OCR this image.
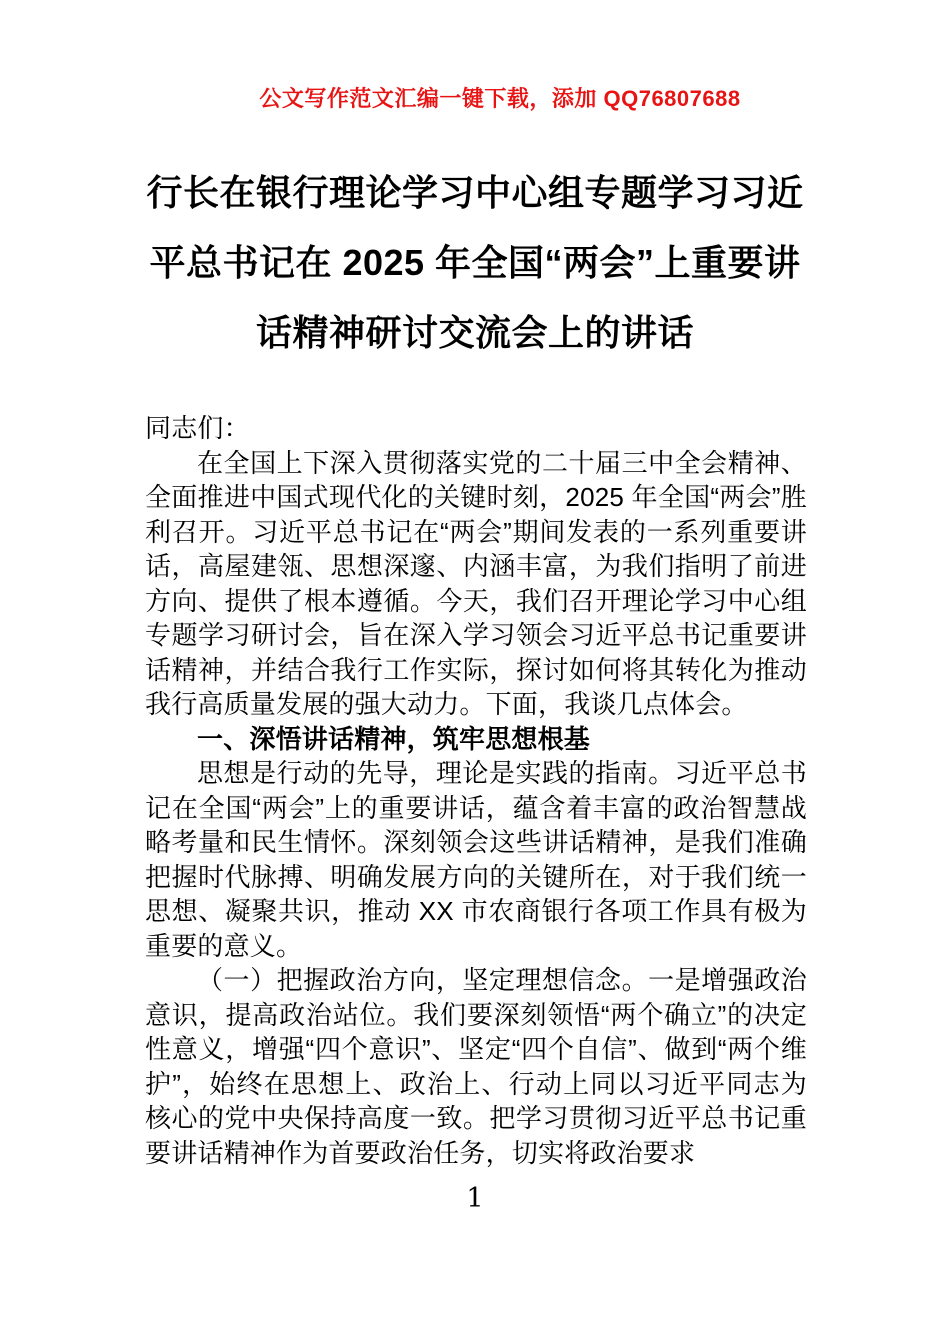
公文写作范文汇编一键下载，添加 QQ76807688
行长在银行理论学习中心组专题学习习近
平总书记在 2025 年全国“两会”上重要讲
话精神研讨交流会上的讲话

同志们：

在全国上下深入贯彻落实党的二十届三中全会精神、全面推进中国式现代化的关键时刻，2025 年全国“两会”胜利召开。习近平总书记在“两会”期间发表的一系列重要讲话，高屋建瓴、思想深邃、内涵丰富，为我们指明了前进方向、提供了根本遵循。今天，我们召开理论学习中心组专题学习研讨会，旨在深入学习领会习近平总书记重要讲话精神，并结合我行工作实际，探讨如何将其转化为推动我行高质量发展的强大动力。下面，我谈几点体会。

一、深悟讲话精神，筑牢思想根基

思想是行动的先导，理论是实践的指南。习近平总书记在全国“两会”上的重要讲话，蕴含着丰富的政治智慧战略考量和民生情怀。深刻领会这些讲话精神，是我们准确把握时代脉搏、明确发展方向的关键所在，对于我们统一思想、凝聚共识，推动 XX 市农商银行各项工作具有极为重要的意义。

（一）把握政治方向，坚定理想信念。一是增强政治意识，提高政治站位。我们要深刻领悟“两个确立”的决定性意义，增强“四个意识”、坚定“四个自信”、做到“两个维护”，始终在思想上、政治上、行动上同以习近平同志为核心的党中央保持高度一致。把学习贯彻习近平总书记重要讲话精神作为首要政治任务，切实将政治要求

1
